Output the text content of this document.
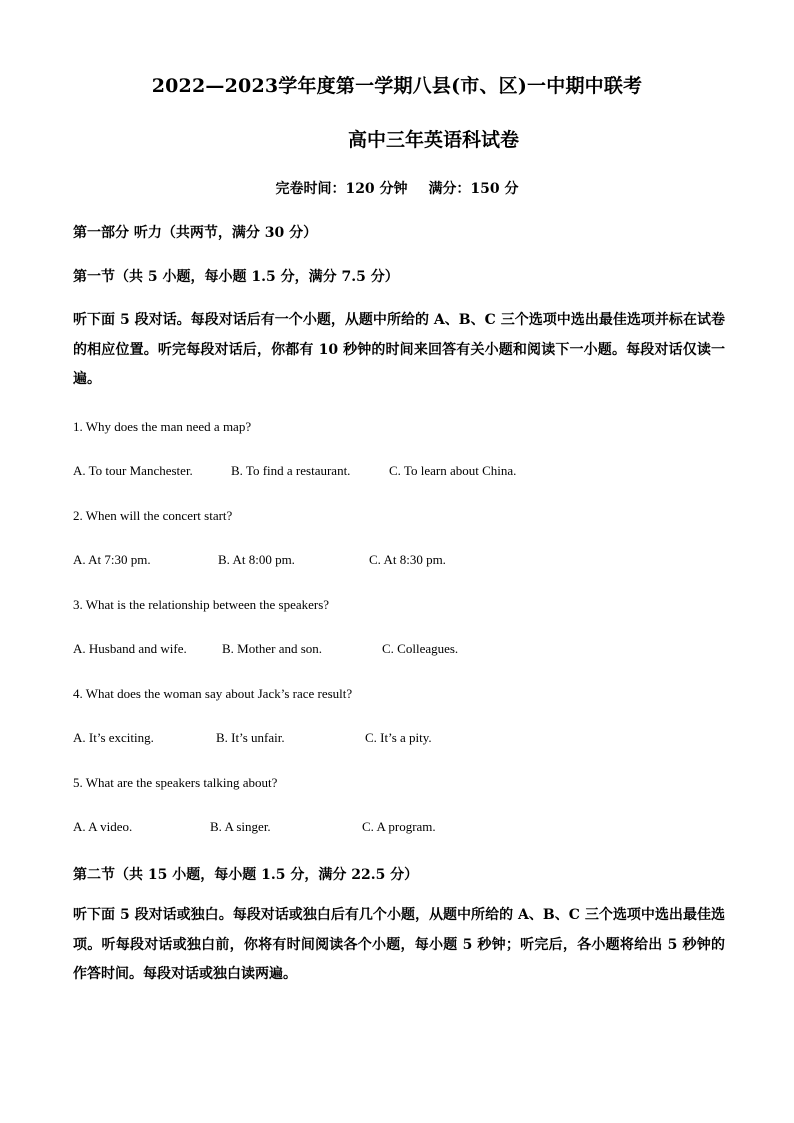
2022—2023学年度第一学期八县(市、区)一中期中联考
高中三年英语科试卷
完卷时间：120 分钟 满分：150 分
第一部分 听力（共两节，满分 30 分）
第一节（共 5 小题，每小题 1.5 分，满分 7.5 分）
听下面 5 段对话。每段对话后有一个小题，从题中所给的 A、B、C 三个选项中选出最佳选项并标在试卷的相应位置。听完每段对话后，你都有 10 秒钟的时间来回答有关小题和阅读下一小题。每段对话仅读一遍。
1. Why does the man need a map?
A. To tour Manchester.	B. To find a restaurant.	C. To learn about China.
2. When will the concert start?
A. At 7:30 pm.	B. At 8:00 pm.	C. At 8:30 pm.
3. What is the relationship between the speakers?
A. Husband and wife.	B. Mother and son.	C. Colleagues.
4. What does the woman say about Jack’s race result?
A. It’s exciting.	B. It’s unfair.	C. It’s a pity.
5. What are the speakers talking about?
A. A video.	B. A singer.	C. A program.
第二节（共 15 小题，每小题 1.5 分，满分 22.5 分）
听下面 5 段对话或独白。每段对话或独白后有几个小题，从题中所给的 A、B、C 三个选项中选出最佳选项。听每段对话或独白前，你将有时间阅读各个小题，每小题 5 秒钟；听完后，各小题将给出 5 秒钟的作答时间。每段对话或独白读两遍。
